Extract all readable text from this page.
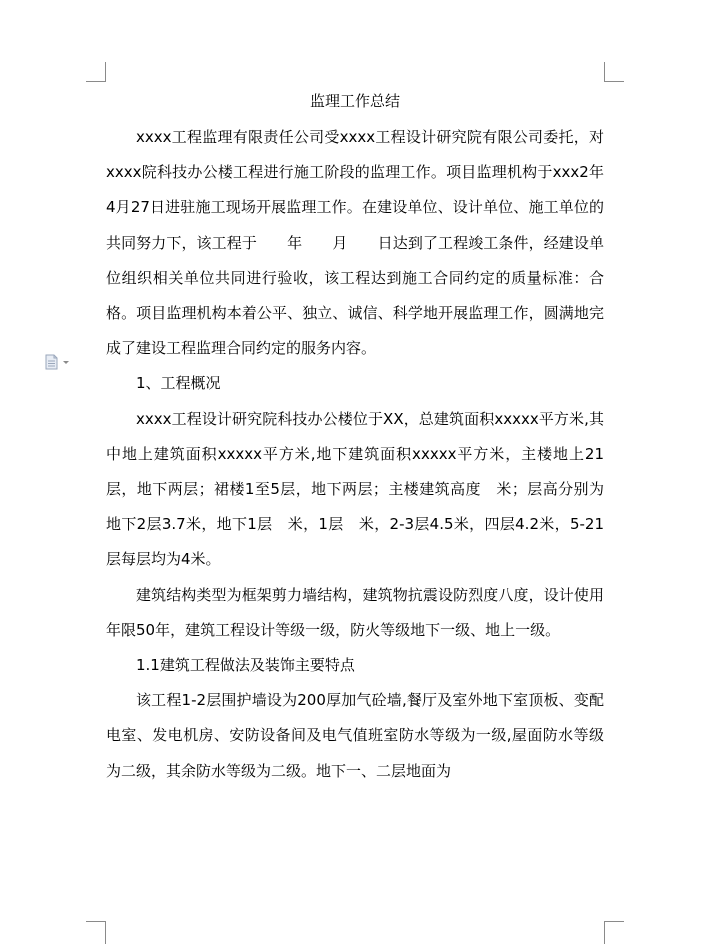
监理工作总结

xxxx工程监理有限责任公司受xxxx工程设计研究院有限公司委托，对xxxx院科技办公楼工程进行施工阶段的监理工作。项目监理机构于xxx2年4月27日进驻施工现场开展监理工作。在建设单位、设计单位、施工单位的共同努力下，该工程于　　年　　月　　日达到了工程竣工条件，经建设单位组织相关单位共同进行验收，该工程达到施工合同约定的质量标准：合格。项目监理机构本着公平、独立、诚信、科学地开展监理工作，圆满地完成了建设工程监理合同约定的服务内容。

1、工程概况

xxxx工程设计研究院科技办公楼位于XX，总建筑面积xxxxx平方米,其中地上建筑面积xxxxx平方米,地下建筑面积xxxxx平方米，主楼地上21层，地下两层；裙楼1至5层，地下两层；主楼建筑高度　米；层高分别为地下2层3.7米，地下1层　米，1层　米，2-3层4.5米，四层4.2米，5-21层每层均为4米。

建筑结构类型为框架剪力墙结构，建筑物抗震设防烈度八度，设计使用年限50年，建筑工程设计等级一级，防火等级地下一级、地上一级。

1.1建筑工程做法及装饰主要特点

该工程1-2层围护墙设为200厚加气砼墙,餐厅及室外地下室顶板、变配电室、发电机房、安防设备间及电气值班室防水等级为一级,屋面防水等级为二级，其余防水等级为二级。地下一、二层地面为
